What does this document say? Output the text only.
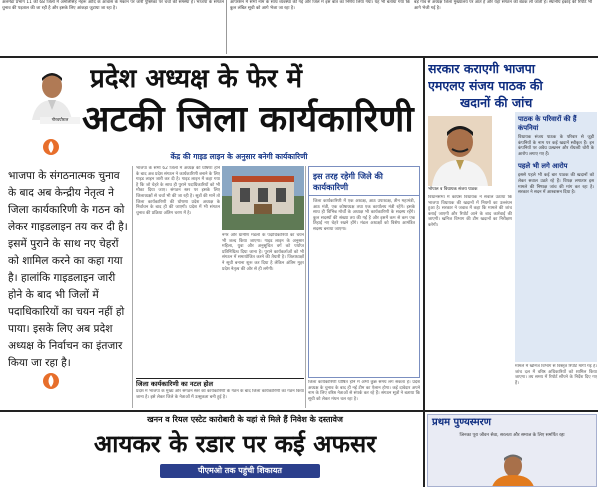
अलमेडा प्रभाग 11 की 68 जिलों में अमलिसिंह नेहरू आदि के आवास के मकान पर जारी पुस्तिका पर चर्चा की समस्या है। भाजपा के संगठन चुनाव की पड़ताल की जा रही है और इसके लिए आंकड़ा जुटाया जा रहा है।
आपरेशन में सभी नाम के साथ व्यवस्था की गई और जिले में इस बात का निर्णय लिया गया। यह भी बताया गया कि कुल लंबित सूची को आगे भेजा जा रहा है।
बड़े गांव से अध्यक्ष जिला मुख्यालय पर आते हैं और यहां संगठन की बैठक ली जाती है। स्थानीय इकाई की रिपोर्ट भी आगे भेजी गई है।
गौरवपौराल
प्रदेश अध्यक्ष के फेर में
अटकी जिला कार्यकारिणी
केंद्र की गाइड लाइन के अनुसार बनेगी कार्यकारिणी
भाजपा के संगठनात्मक चुनाव के बाद अब केन्द्रीय नेतृत्व ने जिला कार्यकारिणी के गठन को लेकर गाइडलाइन तय कर दी है। इसमें पुराने के साथ नए चेहरों को शामिल करने का कहा गया है। हालांकि गाइडलाइन जारी होने के बाद भी जिलों में पदाधिकारियों का चयन नहीं हो पाया। इसके लिए अब प्रदेश अध्यक्ष के निर्वाचन का इंतजार किया जा रहा है।
भाजपा के सभी 62 जिलों में अध्यक्ष की घोषणा होने के बाद अब प्रदेश संगठन ने कार्यकारिणी बनाने के लिए गाइड लाइन जारी कर दी है। गाइड लाइन में कहा गया है कि जो चेहरे के साथ ही पुराने पदाधिकारियों को भी मौका दिया जाए। संगठन स्तर पर इसके लिए जिलाध्यक्षों से चर्चा भी की जा रही है। सूत्रों की मानें तो जिला कार्यकारिणी की घोषणा प्रदेश अध्यक्ष के निर्वाचन के बाद ही की जाएगी। प्रदेश में भी संगठन चुनाव की प्रक्रिया अंतिम चरण में है।
नगर और ग्रामीण मंडलों के पदाधिकारियों का चयन भी जल्द किया जाएगा। गाइड लाइन के अनुसार महिला, युवा और अनुसूचित वर्ग को पर्याप्त प्रतिनिधित्व दिया जाना है। पुराने कार्यकर्ताओं को भी संगठन में समायोजित करने की तैयारी है। जिलाध्यक्षों ने सूची बनाना शुरू कर दिया है लेकिन अंतिम मुहर प्रदेश नेतृत्व की ओर से ही लगेगी।
इस तरह रहेगी जिले की कार्यकारिणी
जिला कार्यकारिणी में एक अध्यक्ष, आठ उपाध्यक्ष, तीन महामंत्री, आठ मंत्री, एक कोषाध्यक्ष तथा एक कार्यालय मंत्री रहेंगे। इसके साथ ही विभिन्न मोर्चों के अध्यक्ष भी कार्यकारिणी के सदस्य रहेंगे। कुल सदस्यों की संख्या तय की गई है और इसमें कम से कम एक तिहाई नए चेहरे रखने होंगे। मंडल अध्यक्षों को विशेष आमंत्रित सदस्य बनाया जाएगा।
जिला कार्यकारिणी घोषित होने में अभी कुछ समय लग सकता है। प्रदेश अध्यक्ष के चुनाव के बाद ही नई टीम का ऐलान होगा। कई दावेदार अपने नाम के लिए वरिष्ठ नेताओं से संपर्क कर रहे हैं। संगठन सूत्रों ने बताया कि सूची को लेकर मंथन चल रहा है।
जिला कार्यकारिणी का नटल होल
प्रदेश में भाजपा के मुख्य और संगठन स्तर की कार्यकारिणी के गठन के बाद जिला कार्यकारिणी का गठन किया जाना है। इसे लेकर जिले के नेताओं में उत्सुकता बनी हुई है।
सरकार कराएगी भाजपा
एमएलए संजय पाठक की
खदानों की जांच
भोपाल व विधायक संजय पाठक
विधानसभा में कांग्रेस विधायक ने सवाल उठाया कि भाजपा विधायक की खदानों में नियमों का उल्लंघन हुआ है। सरकार ने जवाब में कहा कि मामले की जांच कराई जाएगी और रिपोर्ट आने के बाद कार्रवाई की जाएगी। खनिज विभाग की टीम खदानों का निरीक्षण करेगी।
पाठक के परिवारों की हैं कंपनियां
विधायक संजय पाठक के परिवार से जुड़ी कंपनियों के नाम पर कई खदानें स्वीकृत हैं। इन कंपनियों पर अवैध उत्खनन और रॉयल्टी चोरी के आरोप लगाए गए हैं।
पहले भी लगे आरोप
इससे पहले भी कई बार पाठक की खदानों को लेकर सवाल उठते रहे हैं। विपक्ष लगातार इस मामले की निष्पक्ष जांच की मांग कर रहा है। सरकार ने सदन में आश्वासन दिया है।
मामले में खनिज विभाग से विस्तृत रिपोर्ट मांगी गई है। जांच दल में वरिष्ठ अधिकारियों को शामिल किया जाएगा। तय समय में रिपोर्ट सौंपने के निर्देश दिए गए हैं।
खनन व रियल एस्टेट कारोबारी के यहां से मिले हैं निवेश के दस्तावेज
आयकर के रडार पर कई अफसर
पीएमओ तक पहुंची शिकायत
प्रथम पुण्यस्मरण
जिनका पूरा जीवन सेवा, सरलता और समाज के लिए समर्पित रहा
